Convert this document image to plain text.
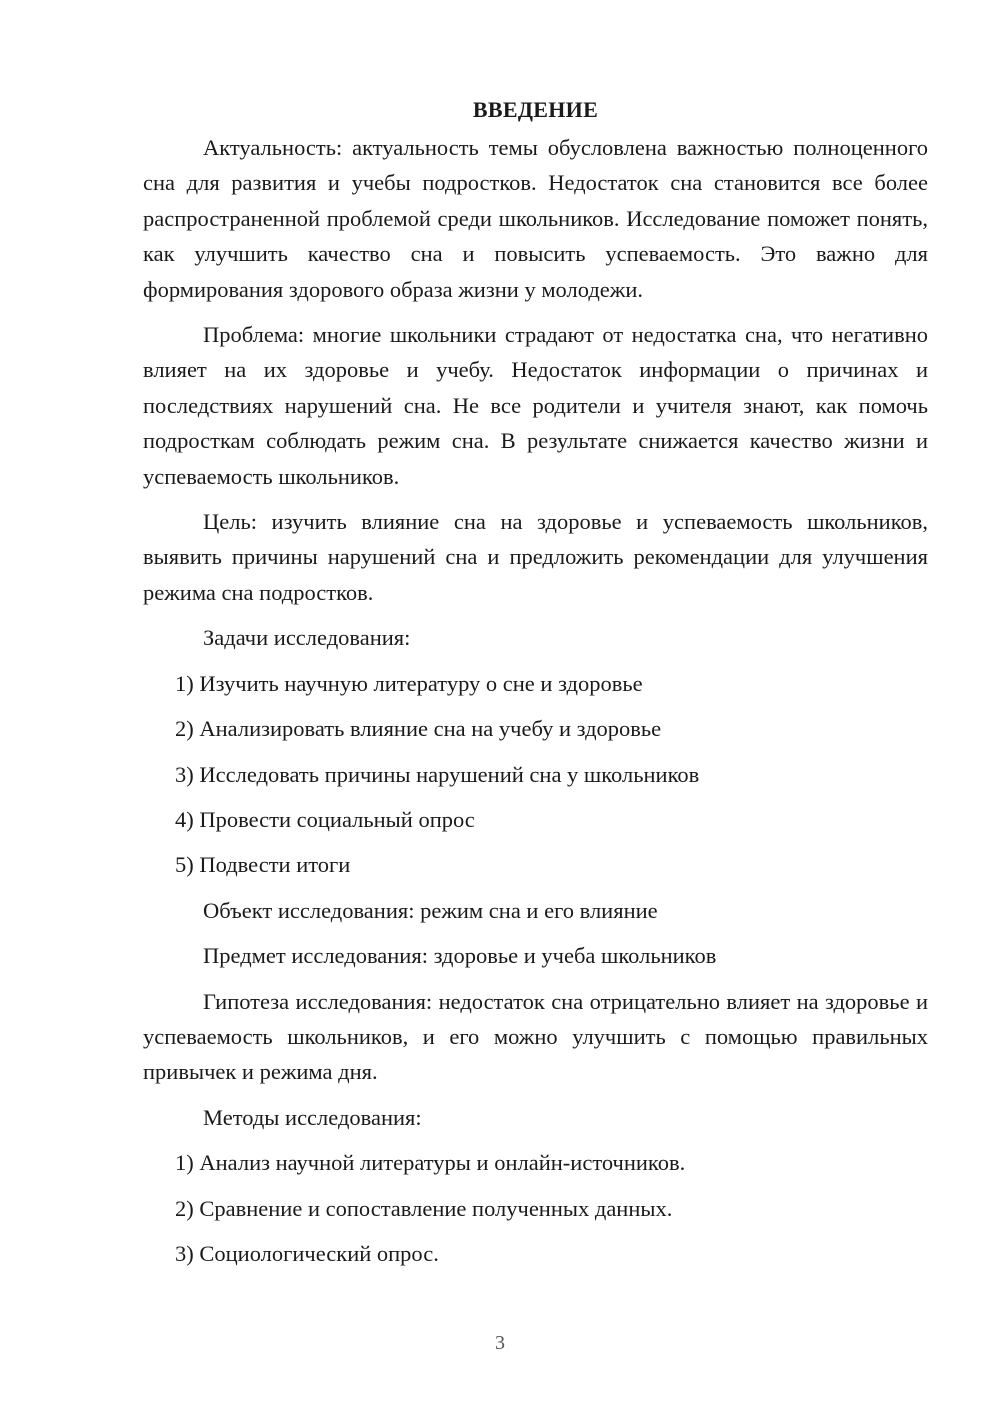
ВВЕДЕНИЕ

Актуальность: актуальность темы обусловлена важностью полноценного сна для развития и учебы подростков. Недостаток сна становится все более распространенной проблемой среди школьников. Исследование поможет понять, как улучшить качество сна и повысить успеваемость. Это важно для формирования здорового образа жизни у молодежи.

Проблема: многие школьники страдают от недостатка сна, что негативно влияет на их здоровье и учебу. Недостаток информации о причинах и последствиях нарушений сна. Не все родители и учителя знают, как помочь подросткам соблюдать режим сна. В результате снижается качество жизни и успеваемость школьников.

Цель: изучить влияние сна на здоровье и успеваемость школьников, выявить причины нарушений сна и предложить рекомендации для улучшения режима сна подростков.

Задачи исследования:
1) Изучить научную литературу о сне и здоровье
2) Анализировать влияние сна на учебу и здоровье
3) Исследовать причины нарушений сна у школьников
4) Провести социальный опрос
5) Подвести итоги
Объект исследования: режим сна и его влияние
Предмет исследования: здоровье и учеба школьников

Гипотеза исследования: недостаток сна отрицательно влияет на здоровье и успеваемость школьников, и его можно улучшить с помощью правильных привычек и режима дня.

Методы исследования:
1) Анализ научной литературы и онлайн-источников.
2) Сравнение и сопоставление полученных данных.
3) Социологический опрос.
3
